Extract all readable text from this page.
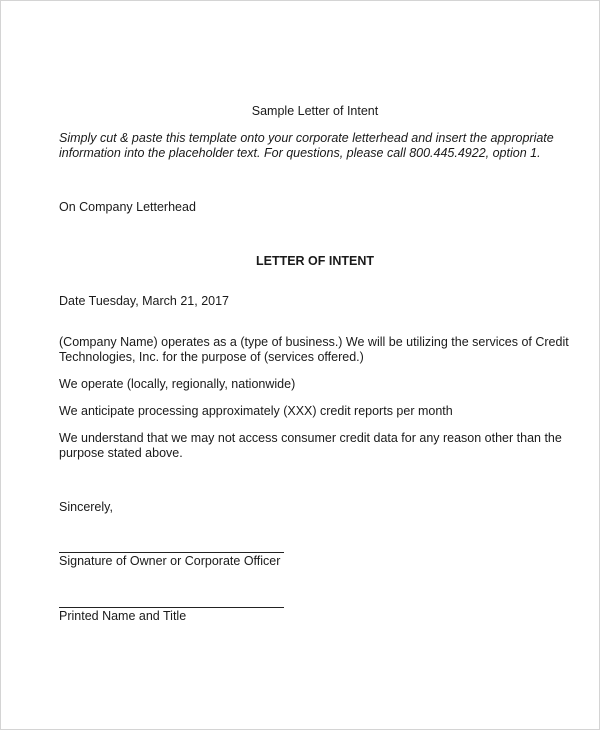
Sample Letter of Intent
Simply cut & paste this template onto your corporate letterhead and insert the appropriate
information into the placeholder text. For questions, please call 800.445.4922, option 1.
On Company Letterhead
LETTER OF INTENT
Date Tuesday, March 21, 2017
(Company Name) operates as a (type of business.) We will be utilizing the services of Credit
Technologies, Inc. for the purpose of (services offered.)
We operate (locally, regionally, nationwide)
We anticipate processing approximately (XXX) credit reports per month
We understand that we may not access consumer credit data for any reason other than the
purpose stated above.
Sincerely,
Signature of Owner or Corporate Officer
Printed Name and Title
